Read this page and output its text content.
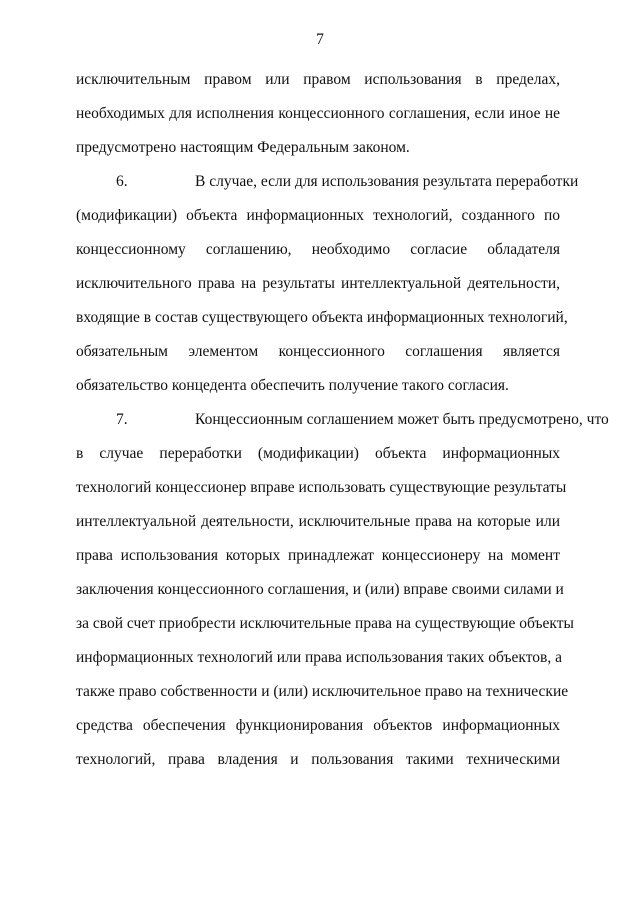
7
исключительным правом или правом использования в пределах,
необходимых для исполнения концессионного соглашения, если иное не
предусмотрено настоящим Федеральным законом.
6.	В случае, если для использования результата переработки
(модификации) объекта информационных технологий, созданного по
концессионному соглашению, необходимо согласие обладателя
исключительного права на результаты интеллектуальной деятельности,
входящие в состав существующего объекта информационных технологий,
обязательным элементом концессионного соглашения является
обязательство концедента обеспечить получение такого согласия.
7.	Концессионным соглашением может быть предусмотрено, что
в случае переработки (модификации) объекта информационных
технологий концессионер вправе использовать существующие результаты
интеллектуальной деятельности, исключительные права на которые или
права использования которых принадлежат концессионеру на момент
заключения концессионного соглашения, и (или) вправе своими силами и
за свой счет приобрести исключительные права на существующие объекты
информационных технологий или права использования таких объектов, а
также право собственности и (или) исключительное право на технические
средства обеспечения функционирования объектов информационных
технологий, права владения и пользования такими техническими
